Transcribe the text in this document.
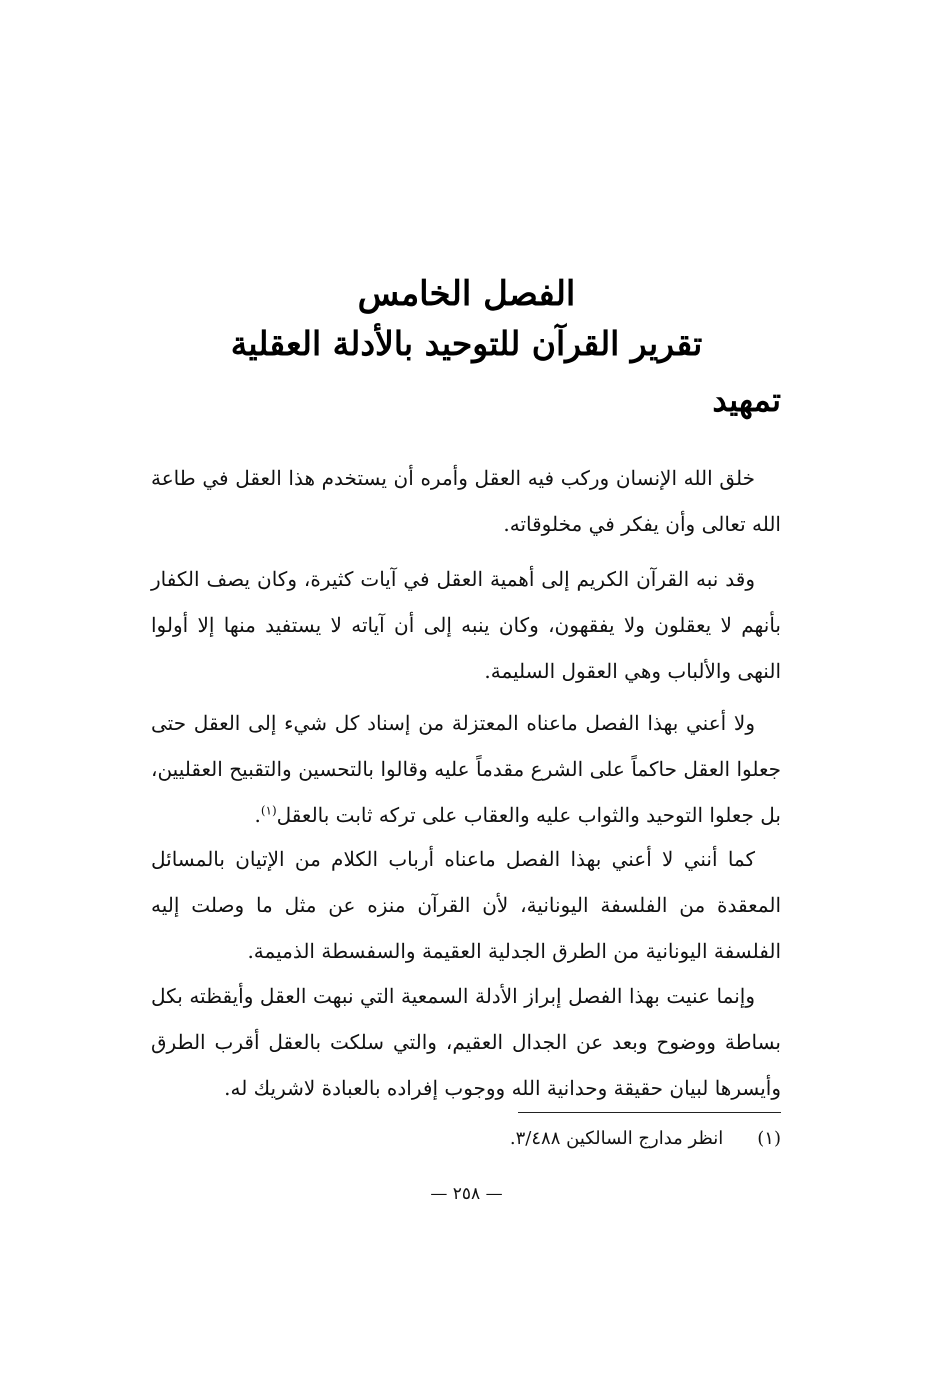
الفصل الخامس
تقرير القرآن للتوحيد بالأدلة العقلية
تمهيد

خلق الله الإنسان وركب فيه العقل وأمره أن يستخدم هذا العقل في طاعة الله تعالى وأن يفكر في مخلوقاته.

وقد نبه القرآن الكريم إلى أهمية العقل في آيات كثيرة، وكان يصف الكفار بأنهم لا يعقلون ولا يفقهون، وكان ينبه إلى أن آياته لا يستفيد منها إلا أولوا النهى والألباب وهي العقول السليمة.

ولا أعني بهذا الفصل ماعناه المعتزلة من إسناد كل شيء إلى العقل حتى جعلوا العقل حاكماً على الشرع مقدماً عليه وقالوا بالتحسين والتقبيح العقليين، بل جعلوا التوحيد والثواب عليه والعقاب على تركه ثابت بالعقل$^{(١)}$.

كما أنني لا أعني بهذا الفصل ماعناه أرباب الكلام من الإتيان بالمسائل المعقدة من الفلسفة اليونانية، لأن القرآن منزه عن مثل ما وصلت إليه الفلسفة اليونانية من الطرق الجدلية العقيمة والسفسطة الذميمة.

وإنما عنيت بهذا الفصل إبراز الأدلة السمعية التي نبهت العقل وأيقظته بكل بساطة ووضوح وبعد عن الجدال العقيم، والتي سلكت بالعقل أقرب الطرق وأيسرها لبيان حقيقة وحدانية الله ووجوب إفراده بالعبادة لاشريك له.

(١)انظر مدارج السالكين ٣/٤٨٨.
— ٢٥٨ —
